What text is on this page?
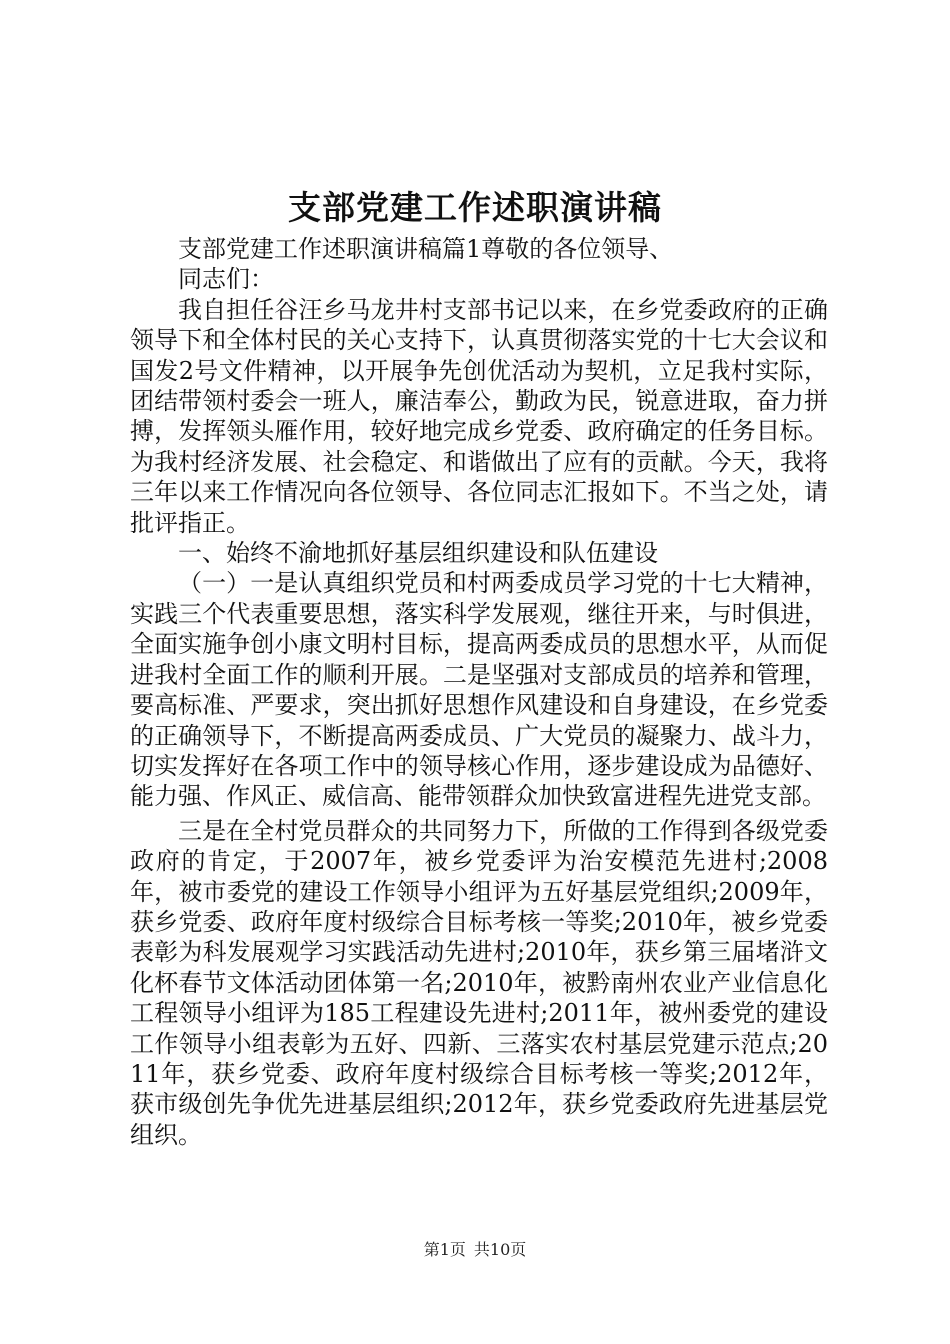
支部党建工作述职演讲稿

支部党建工作述职演讲稿篇1尊敬的各位领导、

同志们：

我自担任谷汪乡马龙井村支部书记以来，在乡党委政府的正确领导下和全体村民的关心支持下，认真贯彻落实党的十七大会议和国发2号文件精神，以开展争先创优活动为契机，立足我村实际，团结带领村委会一班人，廉洁奉公，勤政为民，锐意进取，奋力拼搏，发挥领头雁作用，较好地完成乡党委、政府确定的任务目标。为我村经济发展、社会稳定、和谐做出了应有的贡献。今天，我将三年以来工作情况向各位领导、各位同志汇报如下。不当之处，请批评指正。

一、始终不渝地抓好基层组织建设和队伍建设

（一）一是认真组织党员和村两委成员学习党的十七大精神，实践三个代表重要思想，落实科学发展观，继往开来，与时俱进，全面实施争创小康文明村目标，提高两委成员的思想水平，从而促进我村全面工作的顺利开展。二是坚强对支部成员的培养和管理，要高标准、严要求，突出抓好思想作风建设和自身建设，在乡党委的正确领导下，不断提高两委成员、广大党员的凝聚力、战斗力，切实发挥好在各项工作中的领导核心作用，逐步建设成为品德好、能力强、作风正、威信高、能带领群众加快致富进程先进党支部。

三是在全村党员群众的共同努力下，所做的工作得到各级党委政府的肯定，于2007年，被乡党委评为治安模范先进村;2008年，被市委党的建设工作领导小组评为五好基层党组织;2009年，获乡党委、政府年度村级综合目标考核一等奖;2010年，被乡党委表彰为科发展观学习实践活动先进村;2010年，获乡第三届堵浒文化杯春节文体活动团体第一名;2010年，被黔南州农业产业信息化工程领导小组评为185工程建设先进村;2011年，被州委党的建设工作领导小组表彰为五好、四新、三落实农村基层党建示范点;2011年，获乡党委、政府年度村级综合目标考核一等奖;2012年，获市级创先争优先进基层组织;2012年，获乡党委政府先进基层党组织。

第1页 共10页
